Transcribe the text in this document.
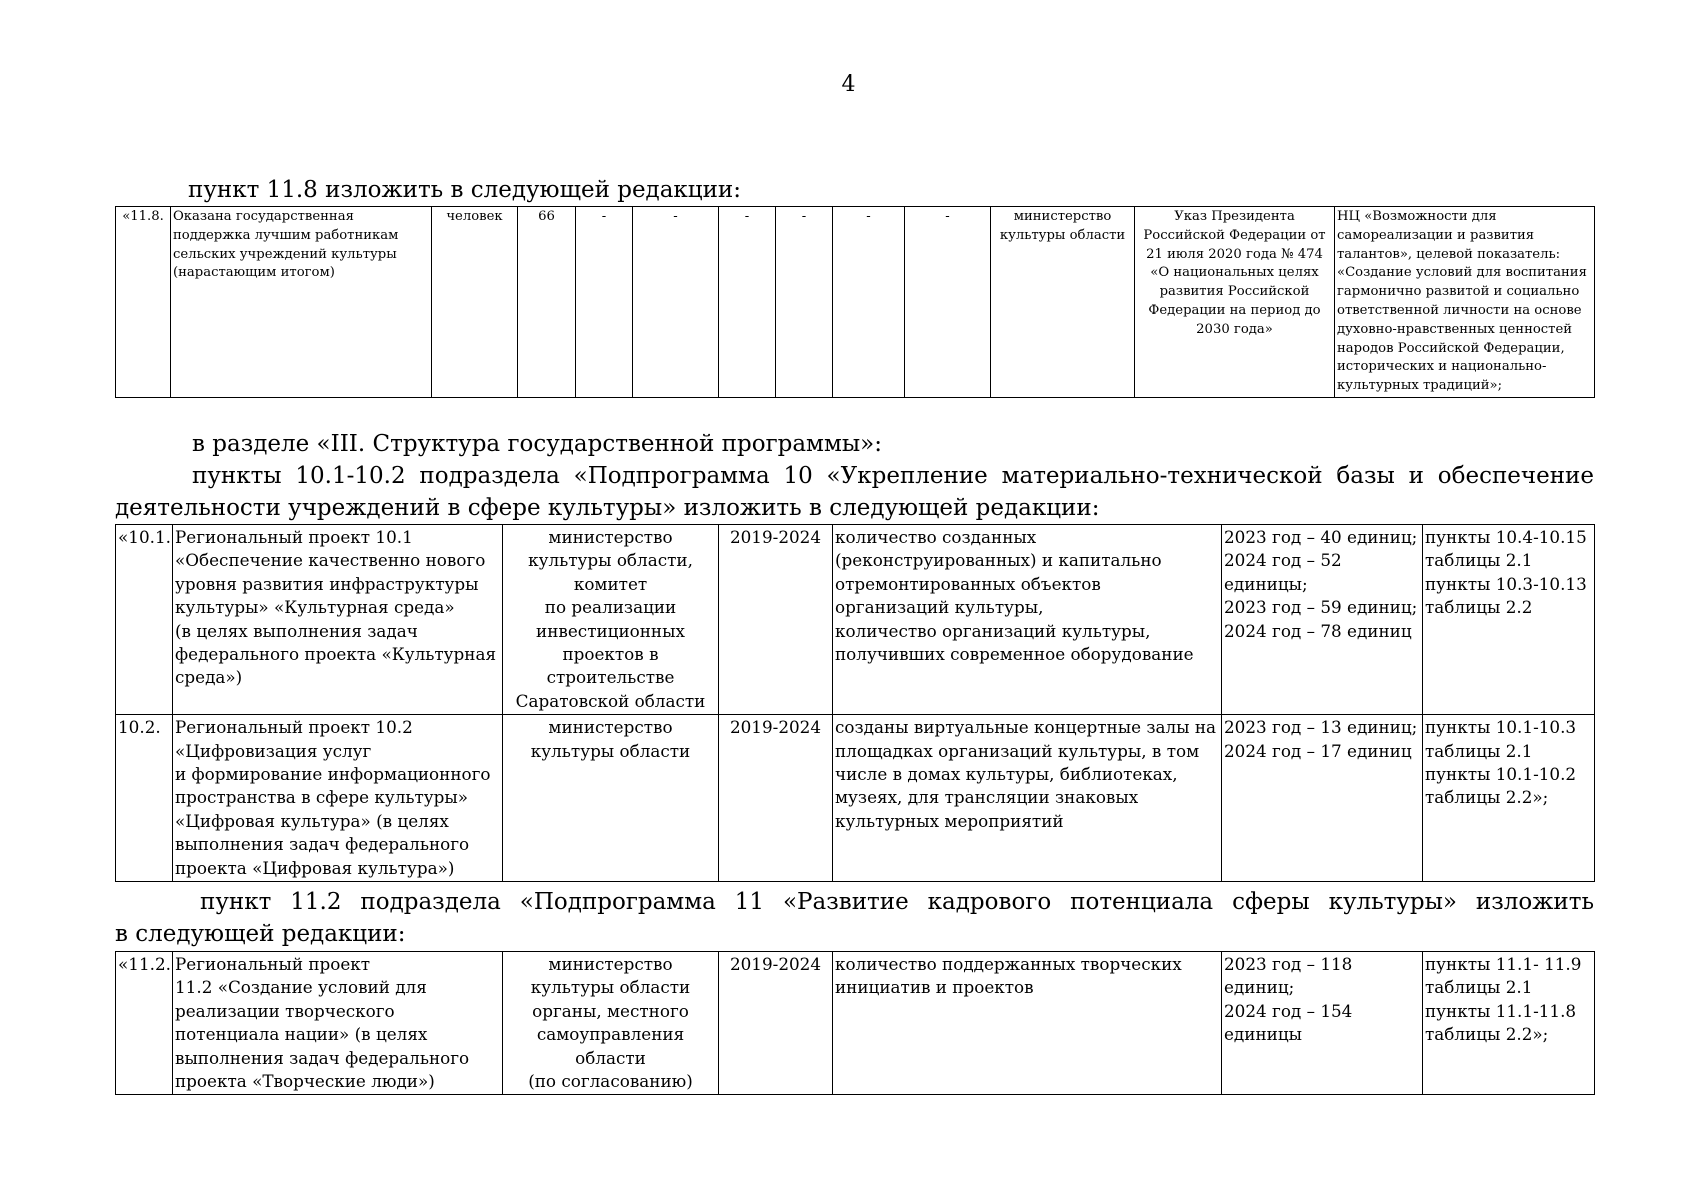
4

пункт 11.8 изложить в следующей редакции:

«11.8.	Оказана государственная поддержка лучшим работникам сельских учреждений культуры (нарастающим итогом)	человек	66	-	-	-	-	-	-	министерство культуры области	Указ Президента Российской Федерации от 21 июля 2020 года № 474 «О национальных целях развития Российской Федерации на период до 2030 года»	НЦ «Возможности для самореализации и развития талантов», целевой показатель: «Создание условий для воспитания гармонично развитой и социально ответственной личности на основе духовно-нравственных ценностей народов Российской Федерации, исторических и национально-культурных традиций»;

в разделе «III. Структура государственной программы»:

пункты 10.1-10.2 подраздела «Подпрограмма 10 «Укрепление материально-технической базы и обеспечение

деятельности учреждений в сфере культуры» изложить в следующей редакции:

«10.1.	Региональный проект 10.1
«Обеспечение качественно нового уровня развития инфраструктуры культуры» «Культурная среда»
(в целях выполнения задач федерального проекта «Культурная среда»)	министерство культуры области, комитет
по реализации инвестиционных проектов в строительстве Саратовской области	2019-2024	количество созданных (реконструированных) и капитально отремонтированных объектов организаций культуры,
количество организаций культуры, получивших современное оборудование	2023 год – 40 единиц;
2024 год – 52 единицы;
2023 год – 59 единиц;
2024 год – 78 единиц	пункты 10.4-10.15 таблицы 2.1
пункты 10.3-10.13 таблицы 2.2
10.2.	Региональный проект 10.2
«Цифровизация услуг
и формирование информационного пространства в сфере культуры» «Цифровая культура» (в целях выполнения задач федерального проекта «Цифровая культура»)	министерство культуры области	2019-2024	созданы виртуальные концертные залы на площадках организаций культуры, в том числе в домах культуры, библиотеках, музеях, для трансляции знаковых культурных мероприятий	2023 год – 13 единиц;
2024 год – 17 единиц	пункты 10.1-10.3 таблицы 2.1
пункты 10.1-10.2 таблицы 2.2»;

пункт 11.2 подраздела «Подпрограмма 11 «Развитие кадрового потенциала сферы культуры» изложить

в следующей редакции:

«11.2.	Региональный проект
11.2 «Создание условий для реализации творческого потенциала нации» (в целях выполнения задач федерального проекта «Творческие люди»)	министерство культуры области органы, местного самоуправления области
(по согласованию)	2019-2024	количество поддержанных творческих инициатив и проектов	2023 год – 118 единиц;
2024 год – 154 единицы	пункты 11.1- 11.9 таблицы 2.1
пункты 11.1-11.8 таблицы 2.2»;
